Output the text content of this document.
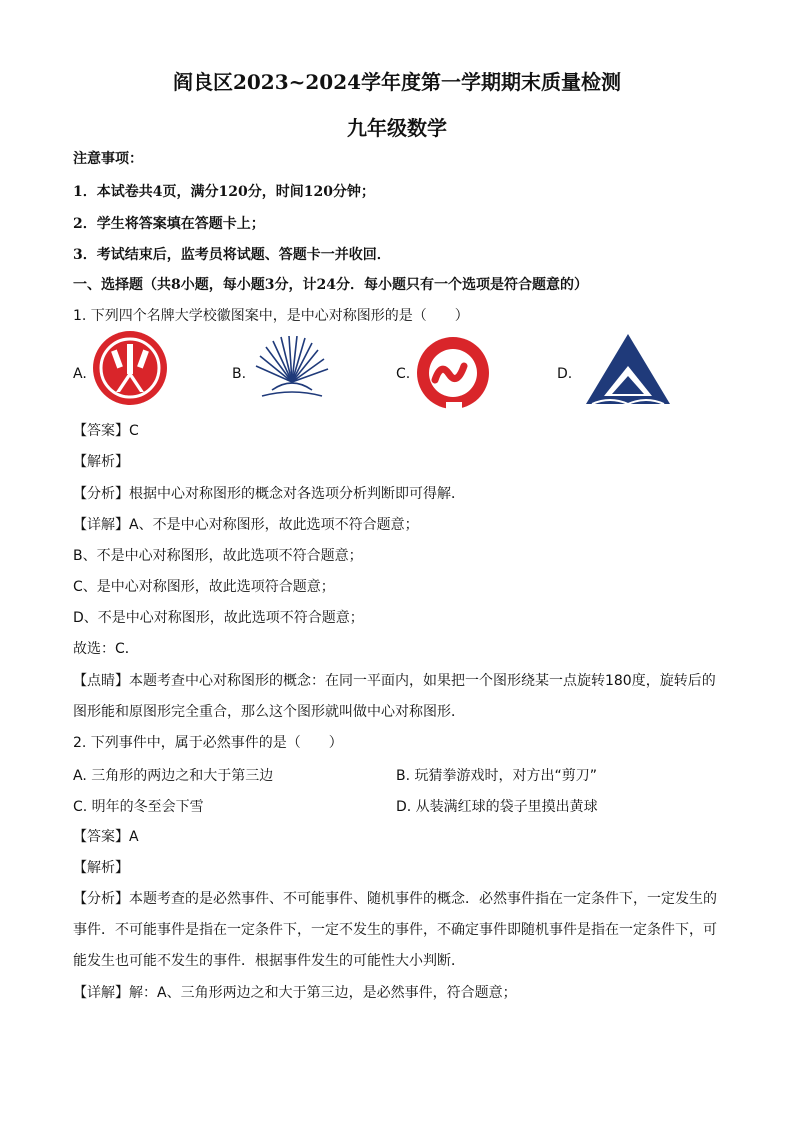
阎良区2023~2024学年度第一学期期末质量检测
九年级数学
注意事项：
1．本试卷共4页，满分120分，时间120分钟；
2．学生将答案填在答题卡上；
3．考试结束后，监考员将试题、答题卡一并收回．
一、选择题（共8小题，每小题3分，计24分．每小题只有一个选项是符合题意的）
1. 下列四个名牌大学校徽图案中，是中心对称图形的是（　　）
A.	B.	C.	D.
【答案】C
【解析】
【分析】根据中心对称图形的概念对各选项分析判断即可得解．
【详解】A、不是中心对称图形，故此选项不符合题意；
B、不是中心对称图形，故此选项不符合题意；
C、是中心对称图形，故此选项符合题意；
D、不是中心对称图形，故此选项不符合题意；
故选：C．
【点睛】本题考查中心对称图形的概念：在同一平面内，如果把一个图形绕某一点旋转180度，旋转后的
图形能和原图形完全重合，那么这个图形就叫做中心对称图形．
2. 下列事件中，属于必然事件的是（　　）
A. 三角形的两边之和大于第三边	B. 玩猜拳游戏时，对方出“剪刀”
C. 明年的冬至会下雪	D. 从装满红球的袋子里摸出黄球
【答案】A
【解析】
【分析】本题考查的是必然事件、不可能事件、随机事件的概念．必然事件指在一定条件下，一定发生的
事件．不可能事件是指在一定条件下，一定不发生的事件，不确定事件即随机事件是指在一定条件下，可
能发生也可能不发生的事件．根据事件发生的可能性大小判断．
【详解】解：A、三角形两边之和大于第三边，是必然事件，符合题意；
